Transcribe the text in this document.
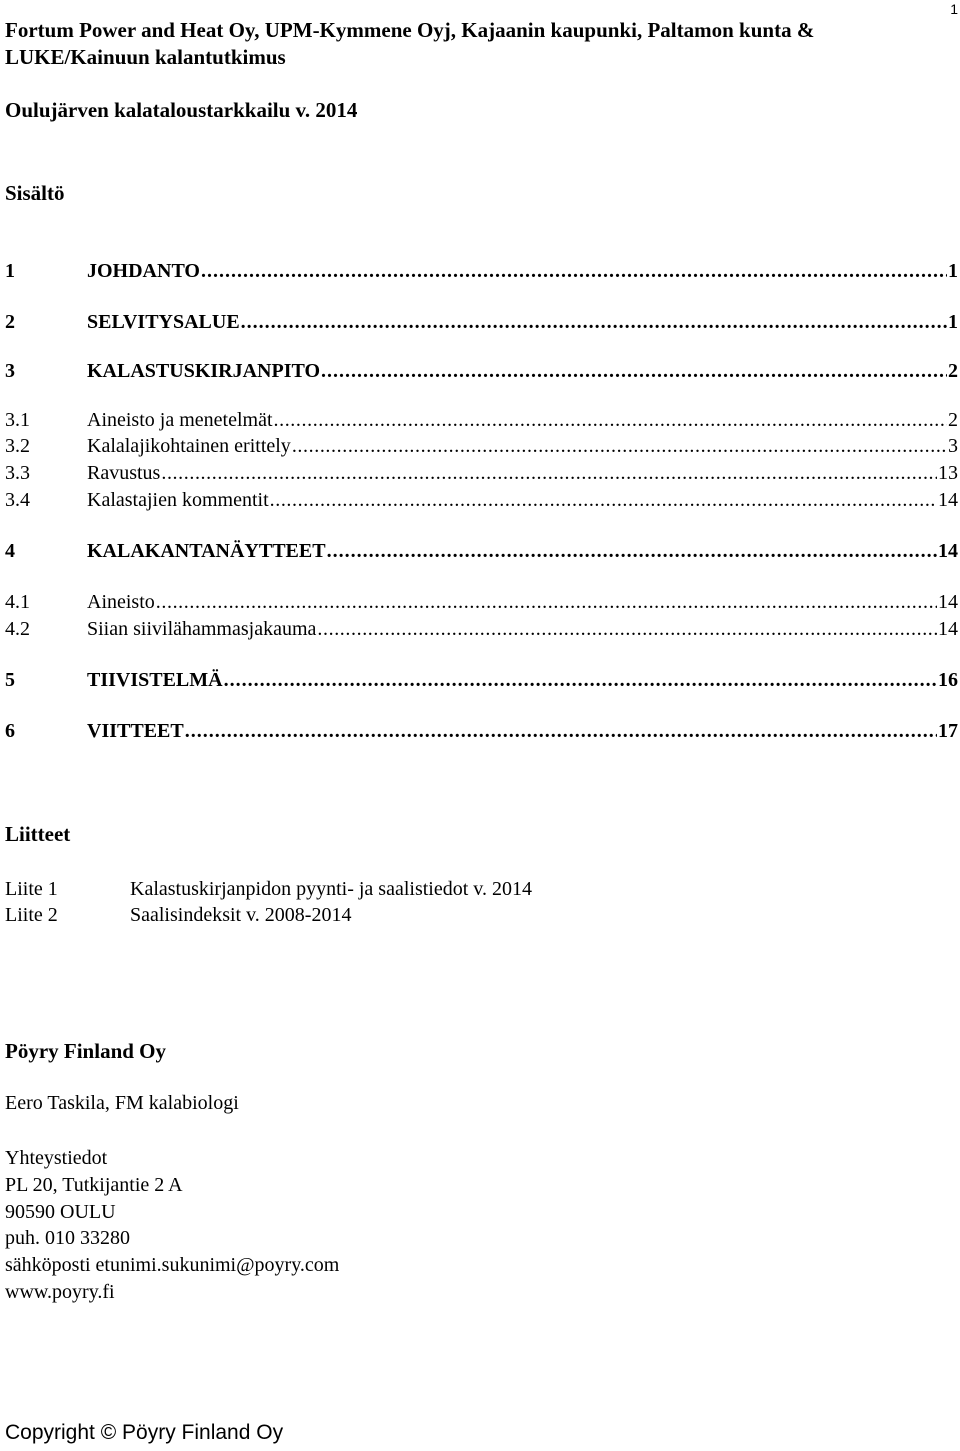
1
Fortum Power and Heat Oy, UPM-Kymmene Oyj, Kajaanin kaupunki, Paltamon kunta & LUKE/Kainuun kalantutkimus
Oulujärven kalataloustarkkailu v. 2014
Sisältö
1	JOHDANTO . . .	1
2	SELVITYSALUE . . .	1
3	KALASTUSKIRJANPITO . . .	2
3.1	Aineisto ja menetelmät . . .	2
3.2	Kalalajikohtainen erittely . . .	3
3.3	Ravustus . . .	13
3.4	Kalastajien kommentit . . .	14
4	KALAKANTANÄYTTEET . . .	14
4.1	Aineisto . . .	14
4.2	Siian siivilähammasjakauma . . .	14
5	TIIVISTELMÄ . . .	16
6	VIITTEET . . .	17
Liitteet
Liite 1	Kalastuskirjanpidon pyynti- ja saalistiedot v. 2014
Liite 2	Saalisindeksit v. 2008-2014
Pöyry Finland Oy
Eero Taskila, FM kalabiologi
Yhteystiedot
PL 20, Tutkijantie 2 A
90590 OULU
puh. 010 33280
sähköposti etunimi.sukunimi@poyry.com
www.poyry.fi
Copyright © Pöyry Finland Oy
